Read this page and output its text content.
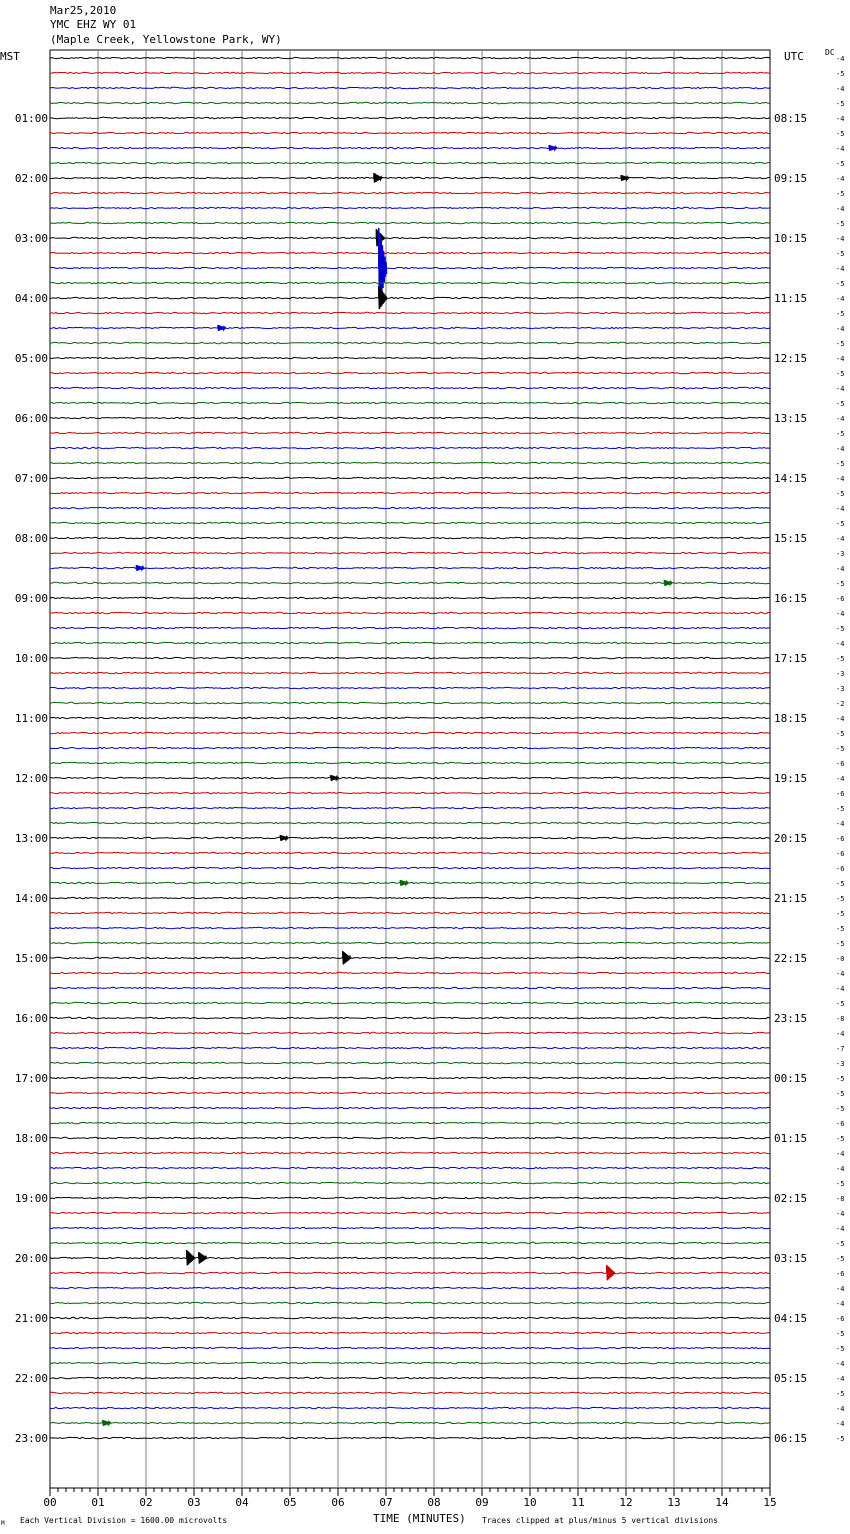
Mar25,2010
YMC EHZ WY 01
(Maple Creek, Yellowstone Park, WY)
MST	UTC	DC
-4
-5
-4
-5
-4
-5
-4
-5
-4
-5
-4
-5
-4
-5
-4
-5
-4
-5
-4
-5
-4
-5
-4
-5
-4
-5
-4
-5
-4
-5
-4
-5
-4
-3
-4
-5
-6
-4
-5
-4
-5
-3
-3
-2
-4
-5
-5
-6
-4
-6
-5
-4
-6
-6
-6
-5
-5
-5
-5
-5
-0
-4
-4
-5
-8
-4
-7
-3
-5
-5
-5
-6
-5
-4
-4
-5
-8
-4
-4
-5
-5
-6
-4
-4
-6
-5
-5
-4
-4
-5
-4
-4
-5
01:00
02:00
03:00
04:00
05:00
06:00
07:00
08:00
09:00
10:00
11:00
12:00
13:00
14:00
15:00
16:00
17:00
18:00
19:00
20:00
21:00
22:00
23:00
08:15
09:15
10:15
11:15
12:15
13:15
14:15
15:15
16:15
17:15
18:15
19:15
20:15
21:15
22:15
23:15
00:15
01:15
02:15
03:15
04:15
05:15
06:15
00	01	02	03	04	05	06	07	08	09	10	11	12	13	14	15
M Each Vertical Division = 1600.00 microvolts	TIME (MINUTES) Traces clipped at plus/minus 5 vertical divisions
